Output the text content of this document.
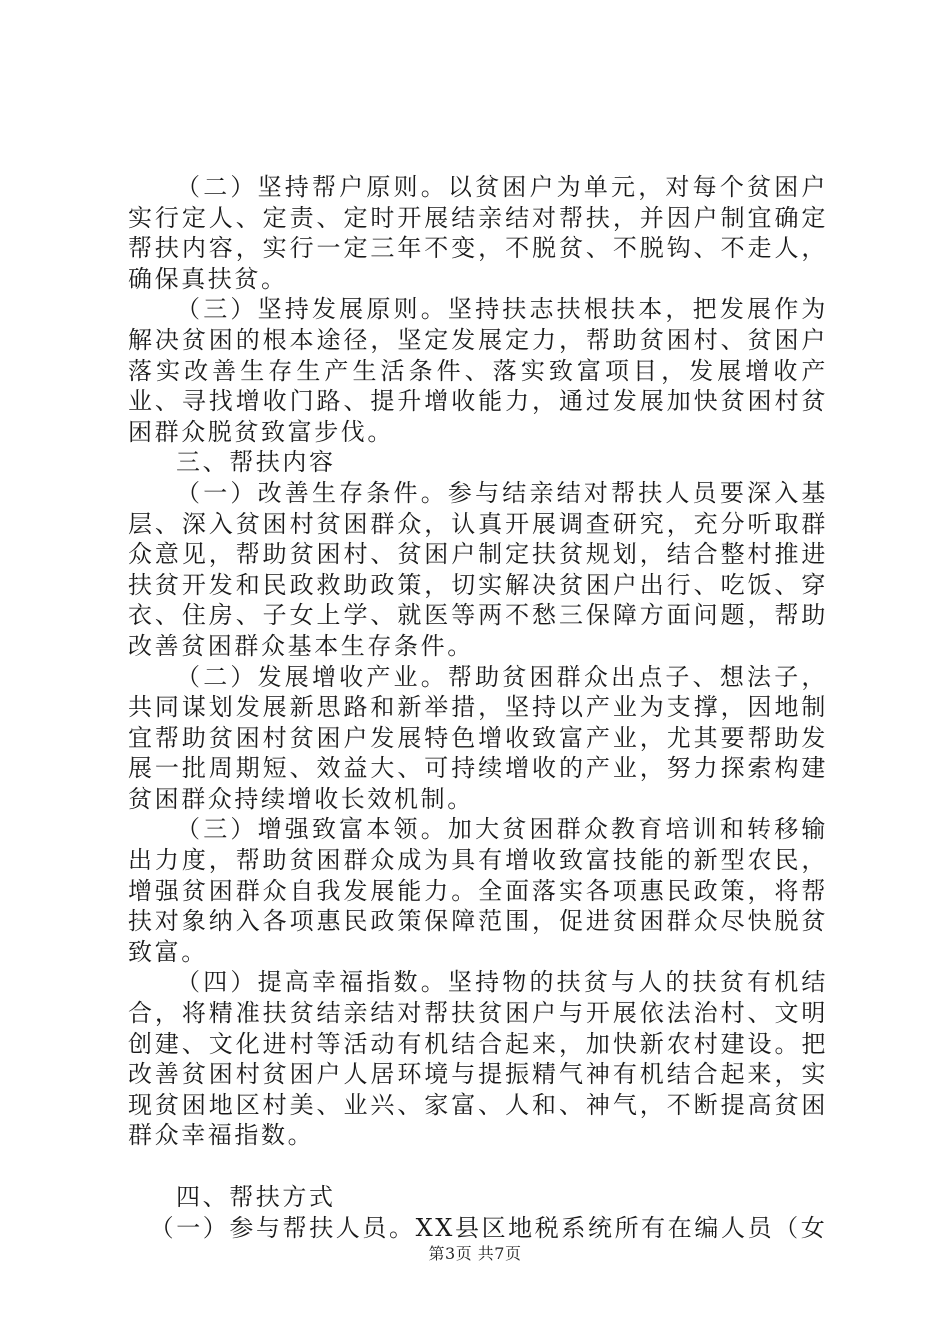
（二）坚持帮户原则。以贫困户为单元，对每个贫困户实行定人、定责、定时开展结亲结对帮扶，并因户制宜确定帮扶内容，实行一定三年不变，不脱贫、不脱钩、不走人，确保真扶贫。

（三）坚持发展原则。坚持扶志扶根扶本，把发展作为解决贫困的根本途径，坚定发展定力，帮助贫困村、贫困户落实改善生存生产生活条件、落实致富项目，发展增收产业、寻找增收门路、提升增收能力，通过发展加快贫困村贫困群众脱贫致富步伐。

三、帮扶内容

（一）改善生存条件。参与结亲结对帮扶人员要深入基层、深入贫困村贫困群众，认真开展调查研究，充分听取群众意见，帮助贫困村、贫困户制定扶贫规划，结合整村推进扶贫开发和民政救助政策，切实解决贫困户出行、吃饭、穿衣、住房、子女上学、就医等两不愁三保障方面问题，帮助改善贫困群众基本生存条件。

（二）发展增收产业。帮助贫困群众出点子、想法子，共同谋划发展新思路和新举措，坚持以产业为支撑，因地制宜帮助贫困村贫困户发展特色增收致富产业，尤其要帮助发展一批周期短、效益大、可持续增收的产业，努力探索构建贫困群众持续增收长效机制。

（三）增强致富本领。加大贫困群众教育培训和转移输出力度，帮助贫困群众成为具有增收致富技能的新型农民，增强贫困群众自我发展能力。全面落实各项惠民政策，将帮扶对象纳入各项惠民政策保障范围，促进贫困群众尽快脱贫致富。

（四）提高幸福指数。坚持物的扶贫与人的扶贫有机结合，将精准扶贫结亲结对帮扶贫困户与开展依法治村、文明创建、文化进村等活动有机结合起来，加快新农村建设。把改善贫困村贫困户人居环境与提振精气神有机结合起来，实现贫困地区村美、业兴、家富、人和、神气，不断提高贫困群众幸福指数。

四、帮扶方式

（一）参与帮扶人员。XX县区地税系统所有在编人员（女

第3页 共7页
